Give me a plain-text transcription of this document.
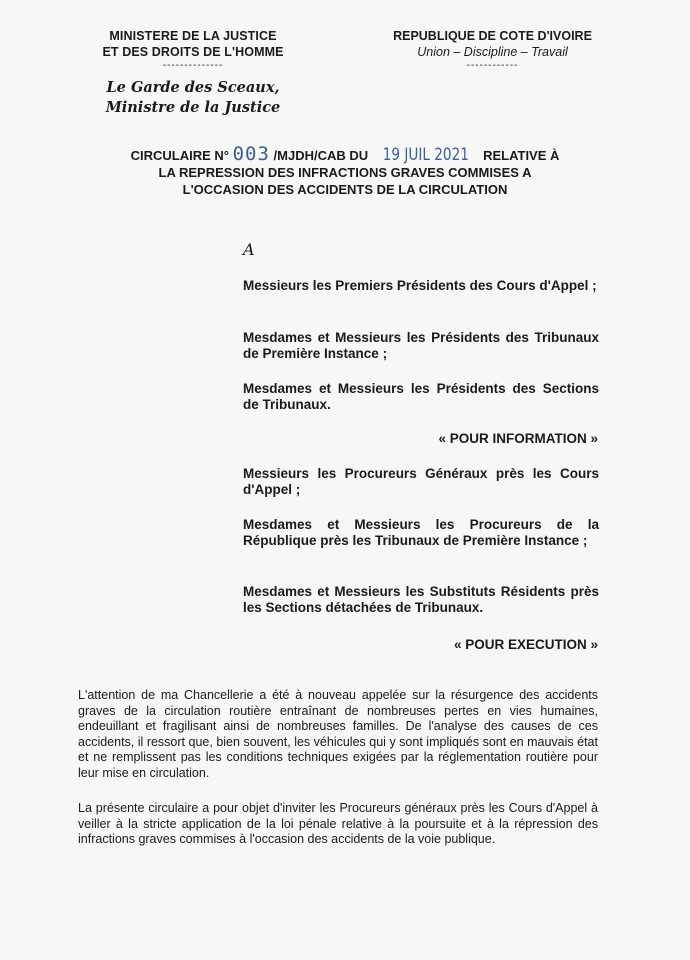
MINISTERE DE LA JUSTICE
ET DES DROITS DE L'HOMME
--------------
Le Garde des Sceaux,
Ministre de la Justice
REPUBLIQUE DE COTE D'IVOIRE
Union – Discipline – Travail
------------
CIRCULAIRE N° 003 /MJDH/CAB DU 19 JUIL 2021 RELATIVE À
LA REPRESSION DES INFRACTIONS GRAVES COMMISES A
L'OCCASION DES ACCIDENTS DE LA CIRCULATION
A
Messieurs les Premiers Présidents des Cours d'Appel ;
Mesdames et Messieurs les Présidents des Tribunaux de Première Instance ;
Mesdames et Messieurs les Présidents des Sections de Tribunaux.
« POUR INFORMATION »
Messieurs les Procureurs Généraux près les Cours d'Appel ;
Mesdames et Messieurs les Procureurs de la République près les Tribunaux de Première Instance ;
Mesdames et Messieurs les Substituts Résidents près les Sections détachées de Tribunaux.
« POUR EXECUTION »
L'attention de ma Chancellerie a été à nouveau appelée sur la résurgence des accidents graves de la circulation routière entraînant de nombreuses pertes en vies humaines, endeuillant et fragilisant ainsi de nombreuses familles. De l'analyse des causes de ces accidents, il ressort que, bien souvent, les véhicules qui y sont impliqués sont en mauvais état et ne remplissent pas les conditions techniques exigées par la réglementation routière pour leur mise en circulation.
La présente circulaire a pour objet d'inviter les Procureurs généraux près les Cours d'Appel à veiller à la stricte application de la loi pénale relative à la poursuite et à la répression des infractions graves commises à l'occasion des accidents de la voie publique.
